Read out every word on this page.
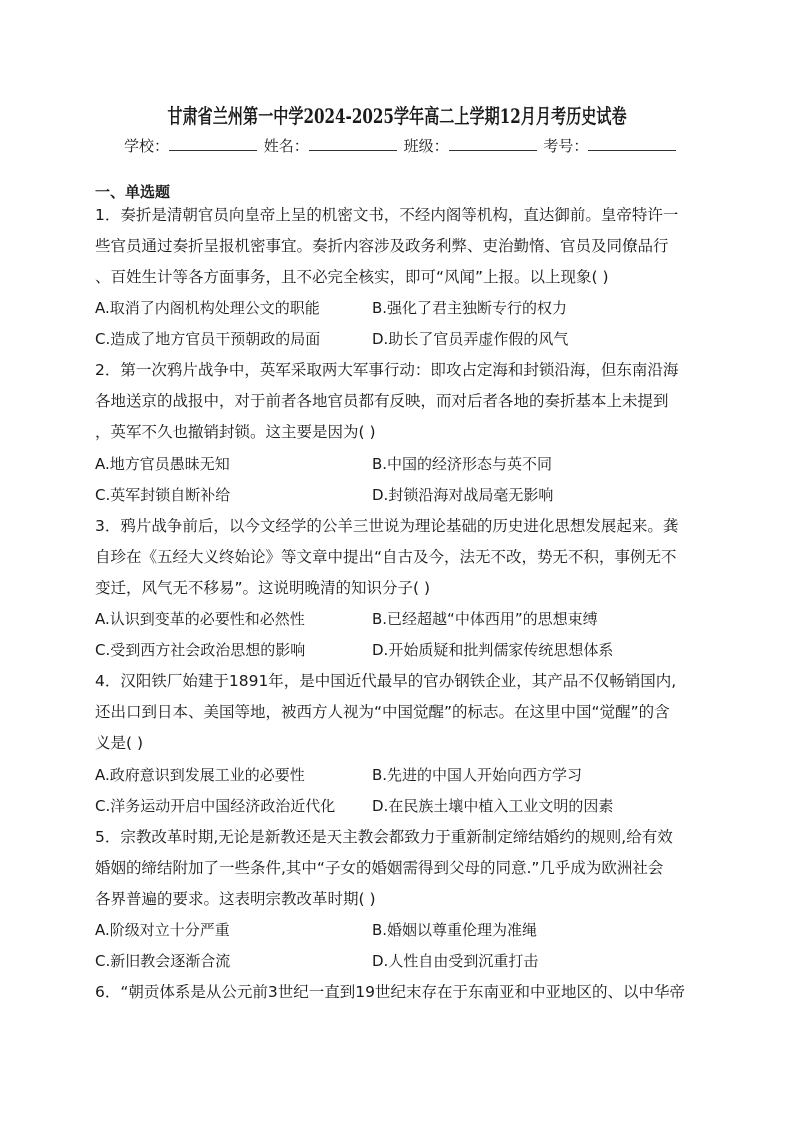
甘肃省兰州第一中学2024-2025学年高二上学期12月月考历史试卷
学校：	姓名：	班级：	考号：
一、单选题
1．奏折是清朝官员向皇帝上呈的机密文书，不经内阁等机构，直达御前。皇帝特许一
些官员通过奏折呈报机密事宜。奏折内容涉及政务利弊、吏治勤惰、官员及同僚品行
、百姓生计等各方面事务，且不必完全核实，即可“风闻”上报。以上现象( )
A.取消了内阁机构处理公文的职能	B.强化了君主独断专行的权力
C.造成了地方官员干预朝政的局面	D.助长了官员弄虚作假的风气
2．第一次鸦片战争中，英军采取两大军事行动：即攻占定海和封锁沿海，但东南沿海
各地送京的战报中，对于前者各地官员都有反映，而对后者各地的奏折基本上未提到
，英军不久也撤销封锁。这主要是因为( )
A.地方官员愚昧无知	B.中国的经济形态与英不同
C.英军封锁自断补给	D.封锁沿海对战局毫无影响
3．鸦片战争前后，以今文经学的公羊三世说为理论基础的历史进化思想发展起来。龚
自珍在《五经大义终始论》等文章中提出“自古及今，法无不改，势无不积，事例无不
变迁，风气无不移易”。这说明晚清的知识分子( )
A.认识到变革的必要性和必然性	B.已经超越“中体西用”的思想束缚
C.受到西方社会政治思想的影响	D.开始质疑和批判儒家传统思想体系
4．汉阳铁厂始建于1891年，是中国近代最早的官办钢铁企业，其产品不仅畅销国内,
还出口到日本、美国等地，被西方人视为“中国觉醒”的标志。在这里中国“觉醒”的含
义是( )
A.政府意识到发展工业的必要性	B.先进的中国人开始向西方学习
C.洋务运动开启中国经济政治近代化 D.在民族土壤中植入工业文明的因素
5．宗教改革时期,无论是新教还是天主教会都致力于重新制定缔结婚约的规则,给有效
婚姻的缔结附加了一些条件,其中“子女的婚姻需得到父母的同意.”几乎成为欧洲社会
各界普遍的要求。这表明宗教改革时期( )
A.阶级对立十分严重	B.婚姻以尊重伦理为准绳
C.新旧教会逐渐合流	D.人性自由受到沉重打击
6．“朝贡体系是从公元前3世纪一直到19世纪末存在于东南亚和中亚地区的、以中华帝
